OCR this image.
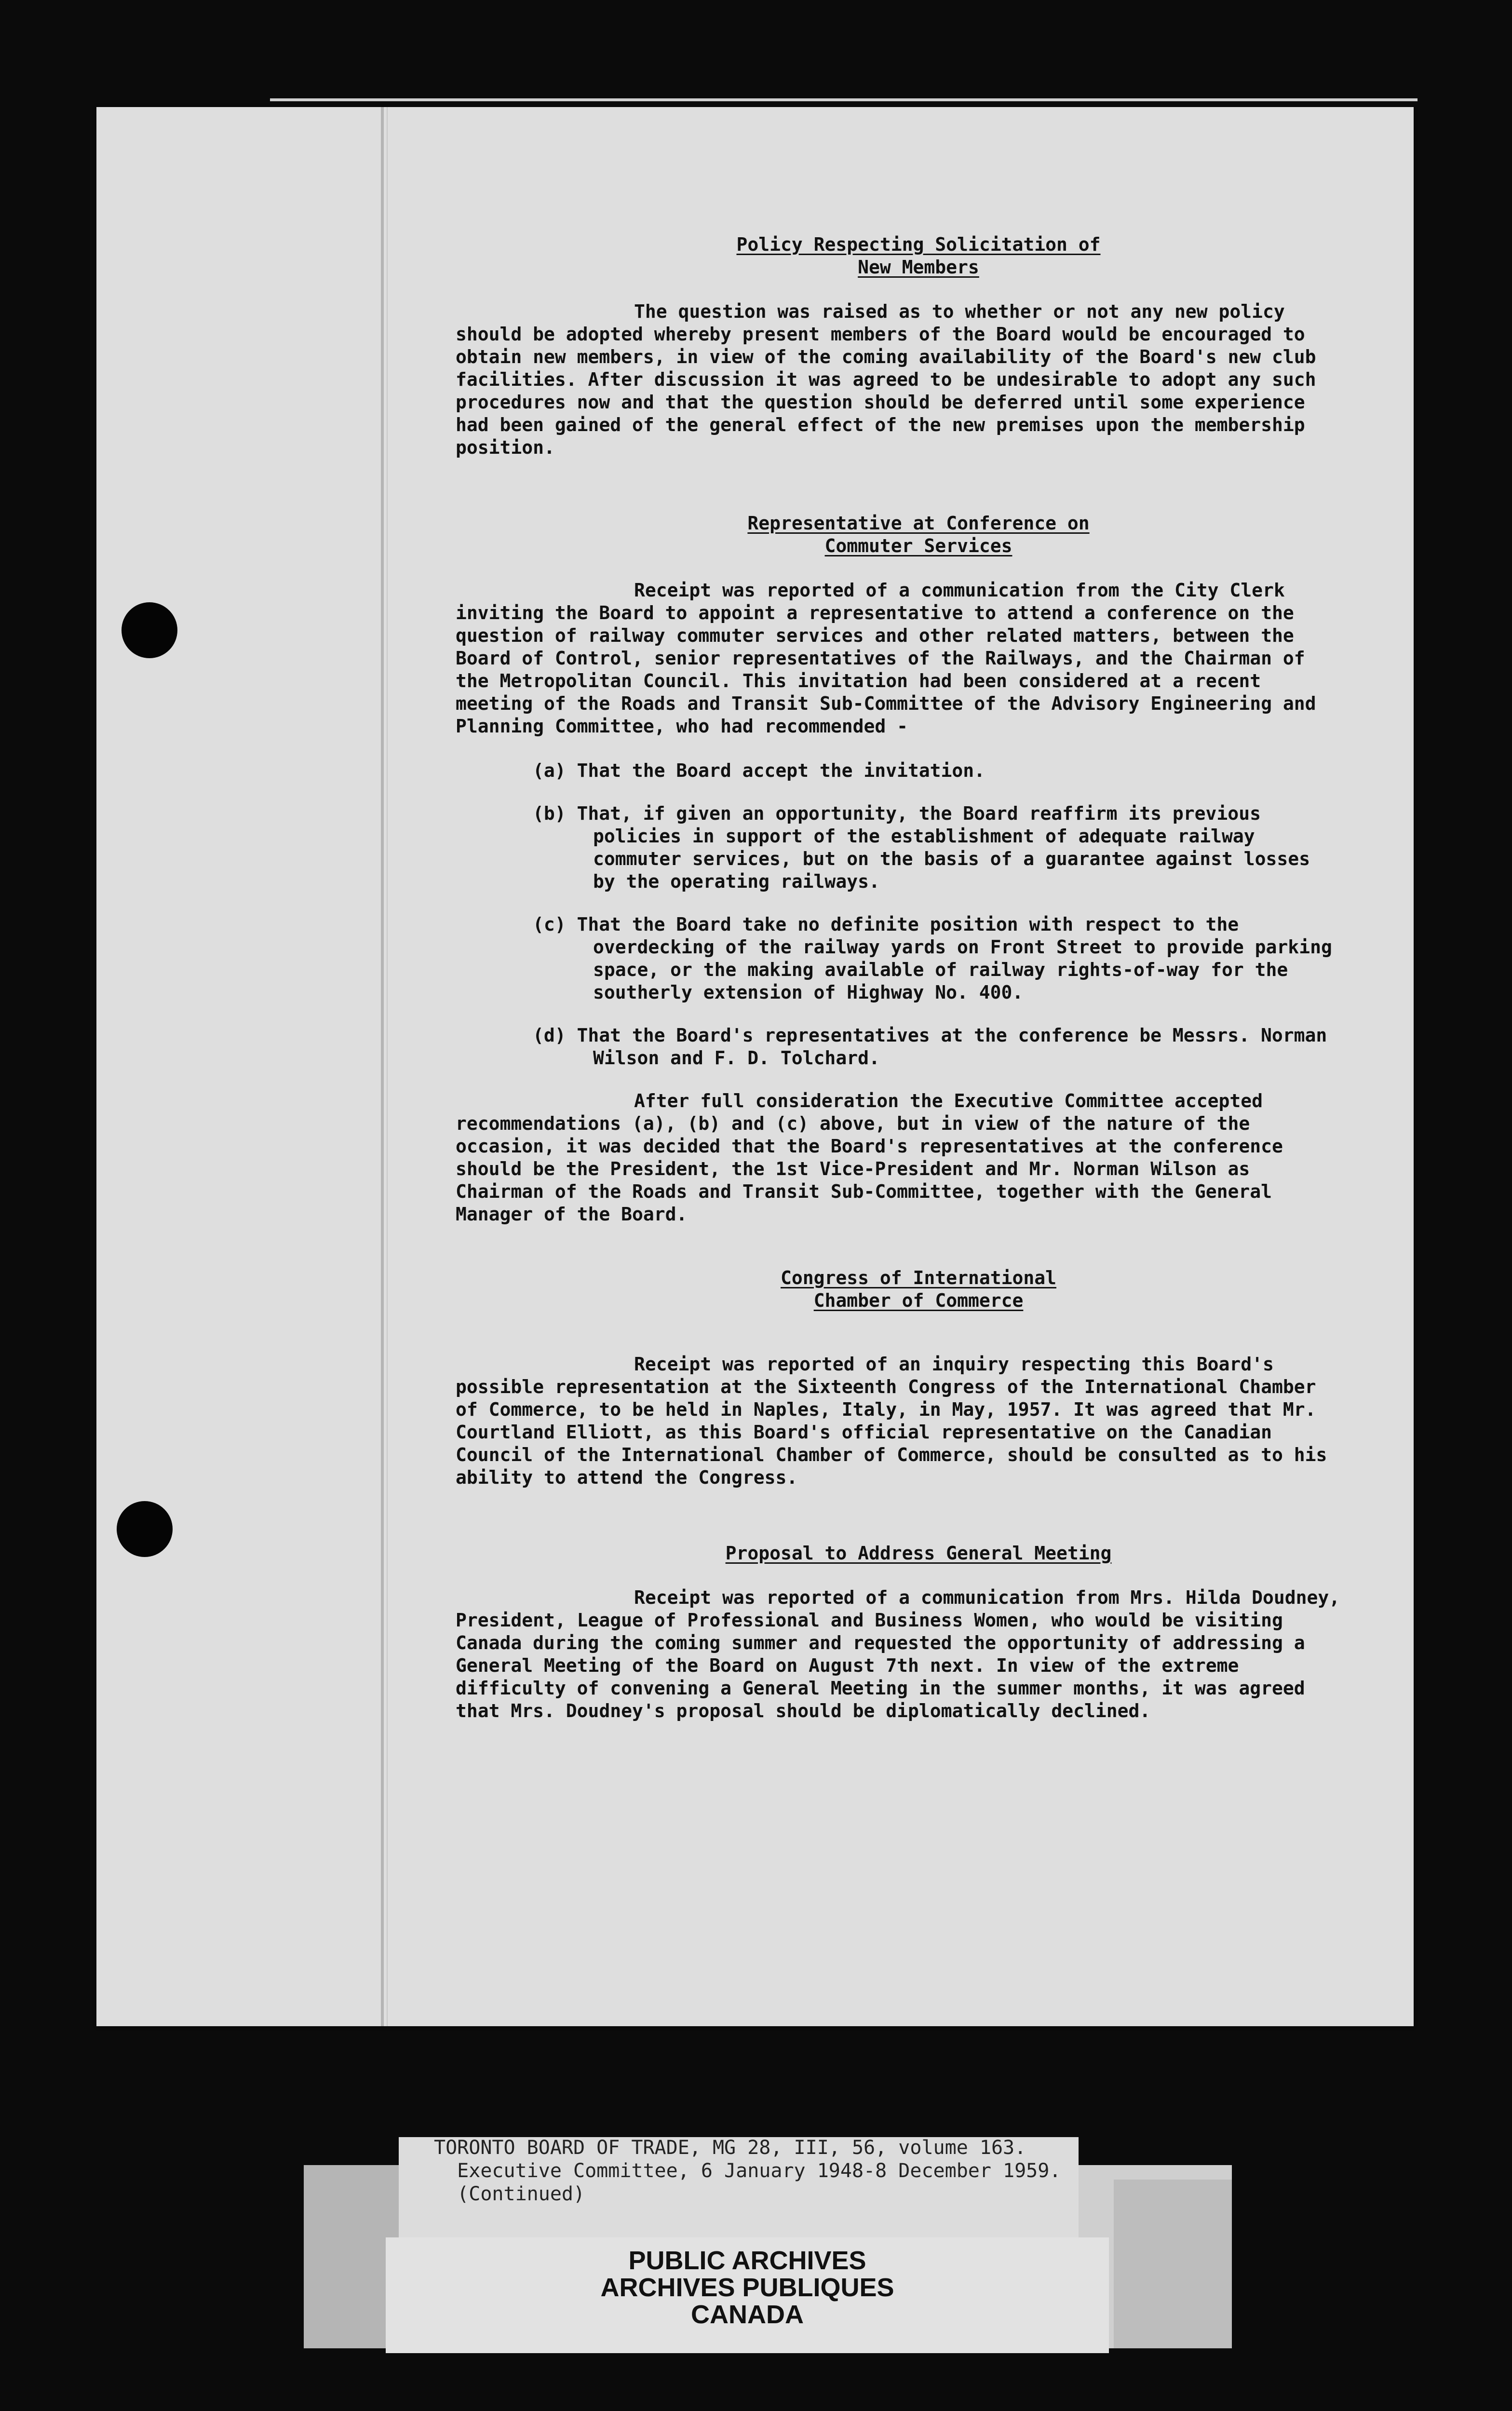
Policy Respecting Solicitation of
New Members

The question was raised as to whether or not any new policy should be adopted whereby present members of the Board would be encouraged to obtain new members, in view of the coming availability of the Board's new club facilities. After discussion it was agreed to be undesirable to adopt any such procedures now and that the question should be deferred until some experience had been gained of the general effect of the new premises upon the membership position.

Representative at Conference on
Commuter Services

Receipt was reported of a communication from the City Clerk inviting the Board to appoint a representative to attend a conference on the question of railway commuter services and other related matters, between the Board of Control, senior representatives of the Railways, and the Chairman of the Metropolitan Council. This invitation had been considered at a recent meeting of the Roads and Transit Sub-Committee of the Advisory Engineering and Planning Committee, who had recommended -

(a) That the Board accept the invitation.
(b) That, if given an opportunity, the Board reaffirm its previous policies in support of the establishment of adequate railway commuter services, but on the basis of a guarantee against losses by the operating railways.
(c) That the Board take no definite position with respect to the overdecking of the railway yards on Front Street to provide parking space, or the making available of railway rights-of-way for the southerly extension of Highway No. 400.
(d) That the Board's representatives at the conference be Messrs. Norman Wilson and F. D. Tolchard.

After full consideration the Executive Committee accepted recommendations (a), (b) and (c) above, but in view of the nature of the occasion, it was decided that the Board's representatives at the conference should be the President, the 1st Vice-President and Mr. Norman Wilson as Chairman of the Roads and Transit Sub-Committee, together with the General Manager of the Board.

Congress of International
Chamber of Commerce

Receipt was reported of an inquiry respecting this Board's possible representation at the Sixteenth Congress of the International Chamber of Commerce, to be held in Naples, Italy, in May, 1957. It was agreed that Mr. Courtland Elliott, as this Board's official representative on the Canadian Council of the International Chamber of Commerce, should be consulted as to his ability to attend the Congress.

Proposal to Address General Meeting

Receipt was reported of a communication from Mrs. Hilda Doudney, President, League of Professional and Business Women, who would be visiting Canada during the coming summer and requested the opportunity of addressing a General Meeting of the Board on August 7th next. In view of the extreme difficulty of convening a General Meeting in the summer months, it was agreed that Mrs. Doudney's proposal should be diplomatically declined.

TORONTO BOARD OF TRADE, MG 28, III, 56, volume 163.
Executive Committee, 6 January 1948-8 December 1959.
(Continued)
PUBLIC ARCHIVES
ARCHIVES PUBLIQUES
CANADA
